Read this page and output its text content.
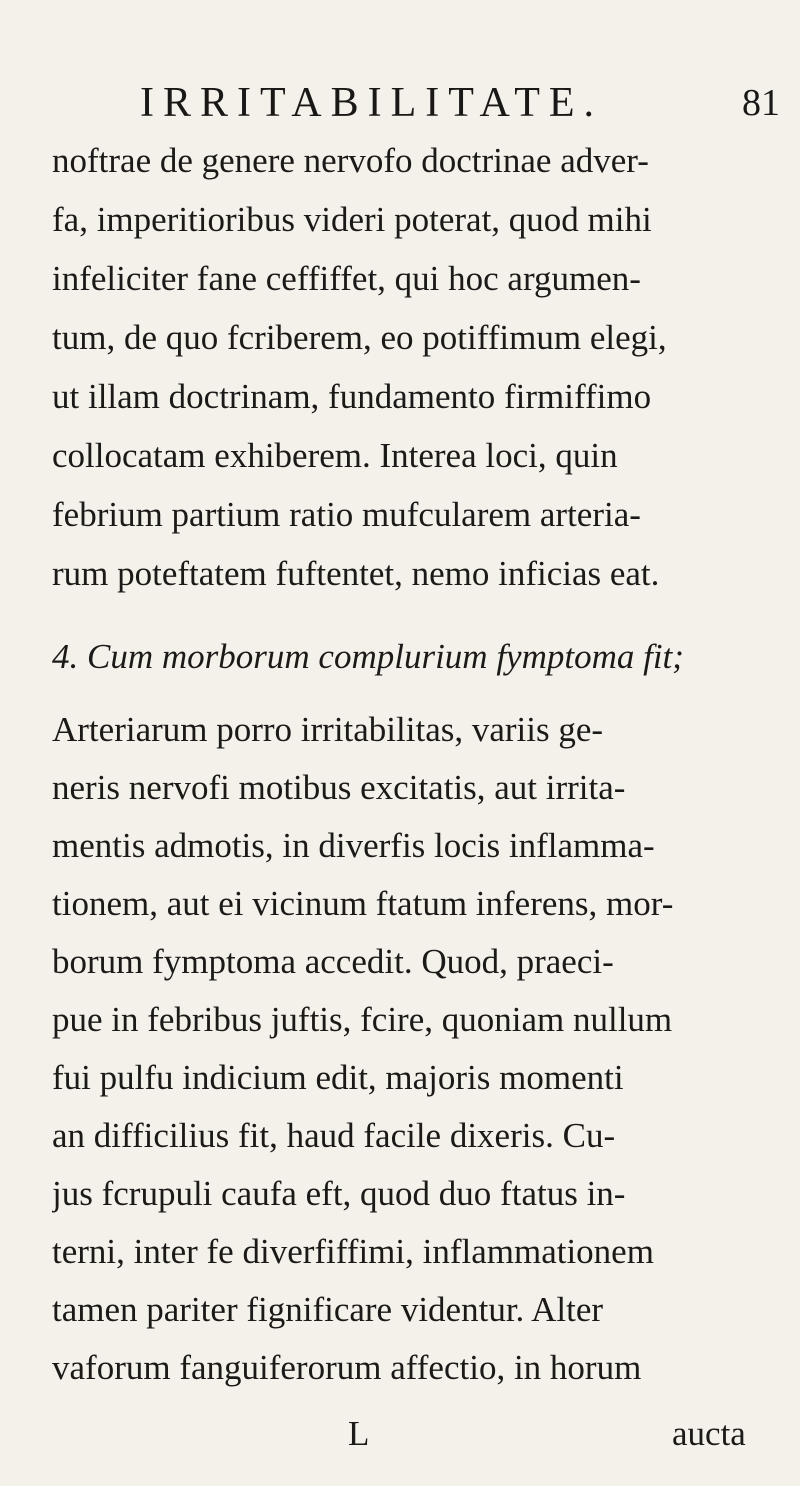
IRRITABILITATE.	81
noftrae de genere nervofo doctrinae adver-
fa, imperitioribus videri poterat, quod mihi
infeliciter fane ceffiffet, qui hoc argumen-
tum, de quo fcriberem, eo potiffimum elegi,
ut illam doctrinam, fundamento firmiffimo
collocatam exhiberem. Interea loci, quin
febrium partium ratio mufcularem arteria-
rum poteftatem fuftentet, nemo inficias eat.
4. Cum morborum complurium fymptoma fit;
Arteriarum porro irritabilitas, variis ge-
neris nervofi motibus excitatis, aut irrita-
mentis admotis, in diverfis locis inflamma-
tionem, aut ei vicinum ftatum inferens, mor-
borum fymptoma accedit. Quod, praeci-
pue in febribus juftis, fcire, quoniam nullum
fui pulfu indicium edit, majoris momenti
an difficilius fit, haud facile dixeris. Cu-
jus fcrupuli caufa eft, quod duo ftatus in-
terni, inter fe diverfiffimi, inflammationem
tamen pariter fignificare videntur. Alter
vaforum fanguiferorum affectio, in horum
L	aucta
